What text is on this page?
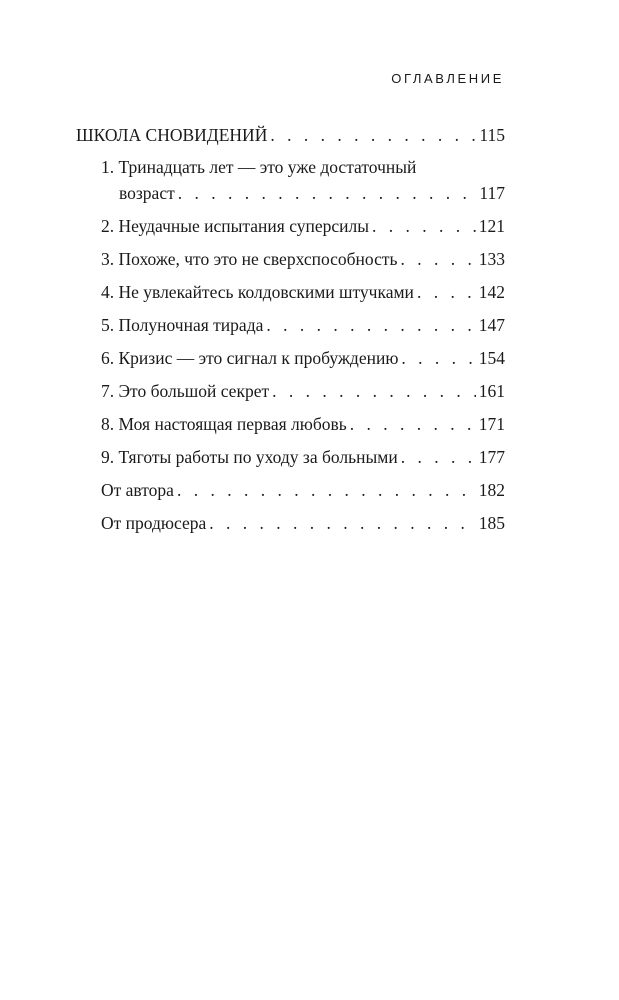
ОГЛАВЛЕНИЕ
ШКОЛА СНОВИДЕНИЙ . . .	115
1. Тринадцать лет — это уже достаточный
возраст . . .	117
2. Неудачные испытания суперсилы . . .	121
3. Похоже, что это не сверхспособность . . .	133
4. Не увлекайтесь колдовскими штучками . . .	142
5. Полуночная тирада . . .	147
6. Кризис — это сигнал к пробуждению . . .	154
7. Это большой секрет . . .	161
8. Моя настоящая первая любовь . . .	171
9. Тяготы работы по уходу за больными . . .	177
От автора . . .	182
От продюсера . . .	185
